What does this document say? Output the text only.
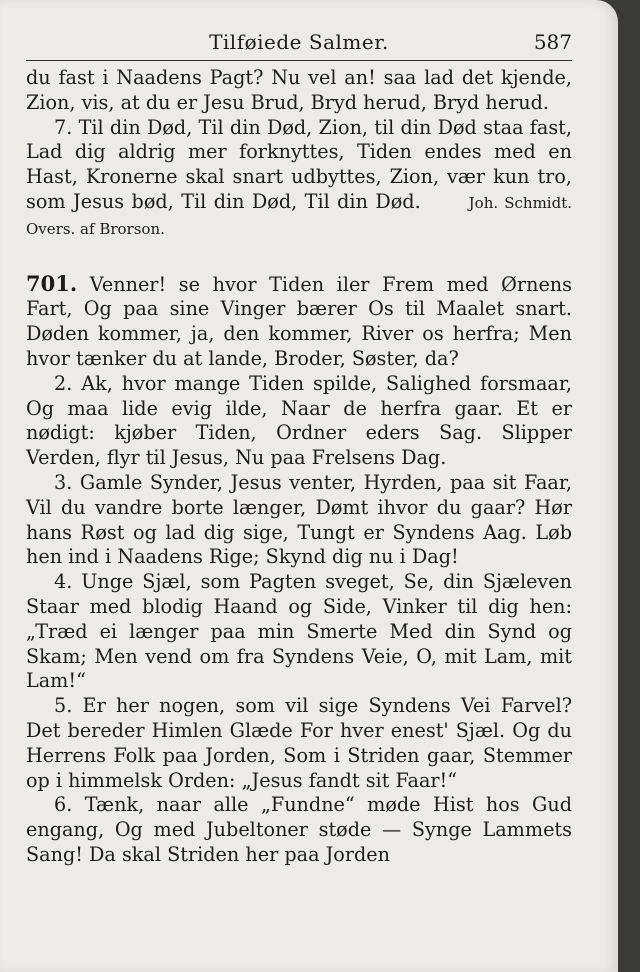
Tilføiede Salmer.	587

du fast i Naadens Pagt? Nu vel an! saa lad det kjende, Zion, vis, at du er Jesu Brud, Bryd herud, Bryd herud.

7. Til din Død, Til din Død, Zion, til din Død staa fast, Lad dig aldrig mer forknyttes, Tiden endes med en Hast, Kronerne skal snart udbyttes, Zion, vær kun tro, som Jesus bød, Til din Død, Til din Død.	Joh. Schmidt. Overs. af Brorson.

701. Venner! se hvor Tiden iler Frem med Ørnens Fart, Og paa sine Vinger bærer Os til Maalet snart. Døden kommer, ja, den kommer, River os herfra; Men hvor tænker du at lande, Broder, Søster, da?

2. Ak, hvor mange Tiden spilde, Salighed forsmaar, Og maa lide evig ilde, Naar de herfra gaar. Et er nødigt: kjøber Tiden, Ordner eders Sag. Slipper Verden, flyr til Jesus, Nu paa Frelsens Dag.

3. Gamle Synder, Jesus venter, Hyrden, paa sit Faar, Vil du vandre borte længer, Dømt ihvor du gaar? Hør hans Røst og lad dig sige, Tungt er Syndens Aag. Løb hen ind i Naadens Rige; Skynd dig nu i Dag!

4. Unge Sjæl, som Pagten sveget, Se, din Sjæleven Staar med blodig Haand og Side, Vinker til dig hen: „Træd ei længer paa min Smerte Med din Synd og Skam; Men vend om fra Syndens Veie, O, mit Lam, mit Lam!“

5. Er her nogen, som vil sige Syndens Vei Farvel? Det bereder Himlen Glæde For hver enest' Sjæl. Og du Herrens Folk paa Jorden, Som i Striden gaar, Stemmer op i himmelsk Orden: „Jesus fandt sit Faar!“

6. Tænk, naar alle „Fundne“ møde Hist hos Gud engang, Og med Jubeltoner støde — Synge Lammets Sang! Da skal Striden her paa Jorden
